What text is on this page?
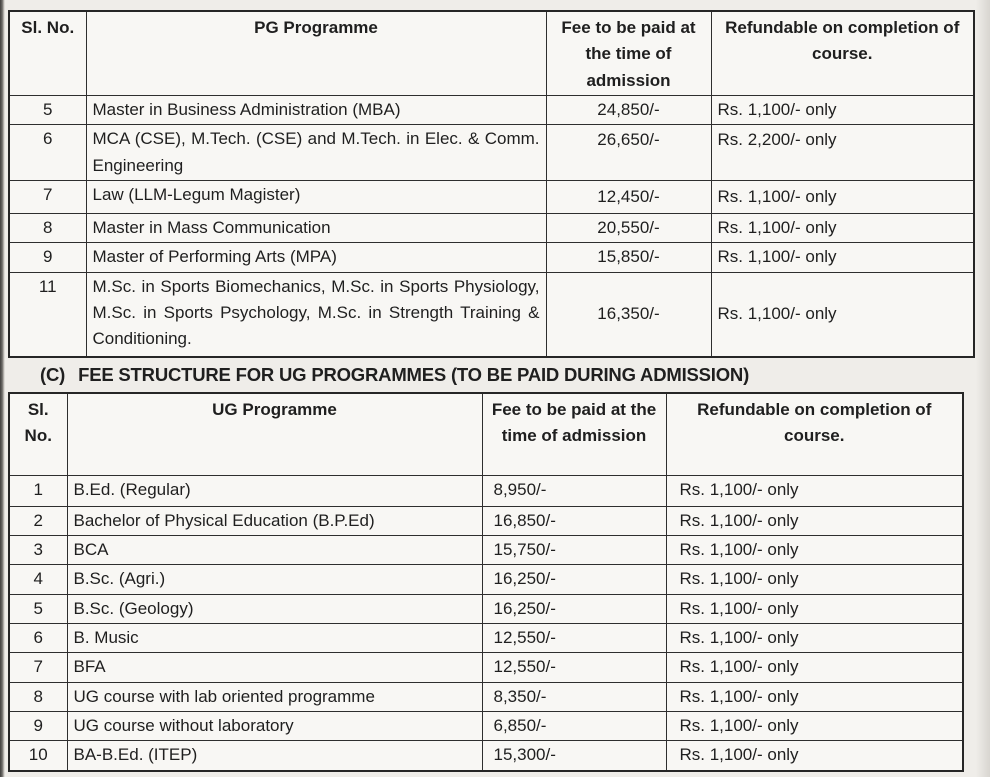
Sl. No.	PG Programme	Fee to be paid at the time of admission	Refundable on completion of course.
5	Master in Business Administration (MBA)	24,850/-	Rs. 1,100/- only
6	MCA (CSE), M.Tech. (CSE) and M.Tech. in Elec. & Comm. Engineering	26,650/-	Rs. 2,200/- only
7	Law (LLM-Legum Magister)	12,450/-	Rs. 1,100/- only
8	Master in Mass Communication	20,550/-	Rs. 1,100/- only
9	Master of Performing Arts (MPA)	15,850/-	Rs. 1,100/- only
11	M.Sc. in Sports Biomechanics, M.Sc. in Sports Physiology, M.Sc. in Sports Psychology, M.Sc. in Strength Training & Conditioning.	16,350/-	Rs. 1,100/- only
(C) FEE STRUCTURE FOR UG PROGRAMMES (TO BE PAID DURING ADMISSION)
Sl. No.	UG Programme	Fee to be paid at the time of admission	Refundable on completion of course.
1	B.Ed. (Regular)	8,950/-	Rs. 1,100/- only
2	Bachelor of Physical Education (B.P.Ed)	16,850/-	Rs. 1,100/- only
3	BCA	15,750/-	Rs. 1,100/- only
4	B.Sc. (Agri.)	16,250/-	Rs. 1,100/- only
5	B.Sc. (Geology)	16,250/-	Rs. 1,100/- only
6	B. Music	12,550/-	Rs. 1,100/- only
7	BFA	12,550/-	Rs. 1,100/- only
8	UG course with lab oriented programme	8,350/-	Rs. 1,100/- only
9	UG course without laboratory	6,850/-	Rs. 1,100/- only
10	BA-B.Ed. (ITEP)	15,300/-	Rs. 1,100/- only
